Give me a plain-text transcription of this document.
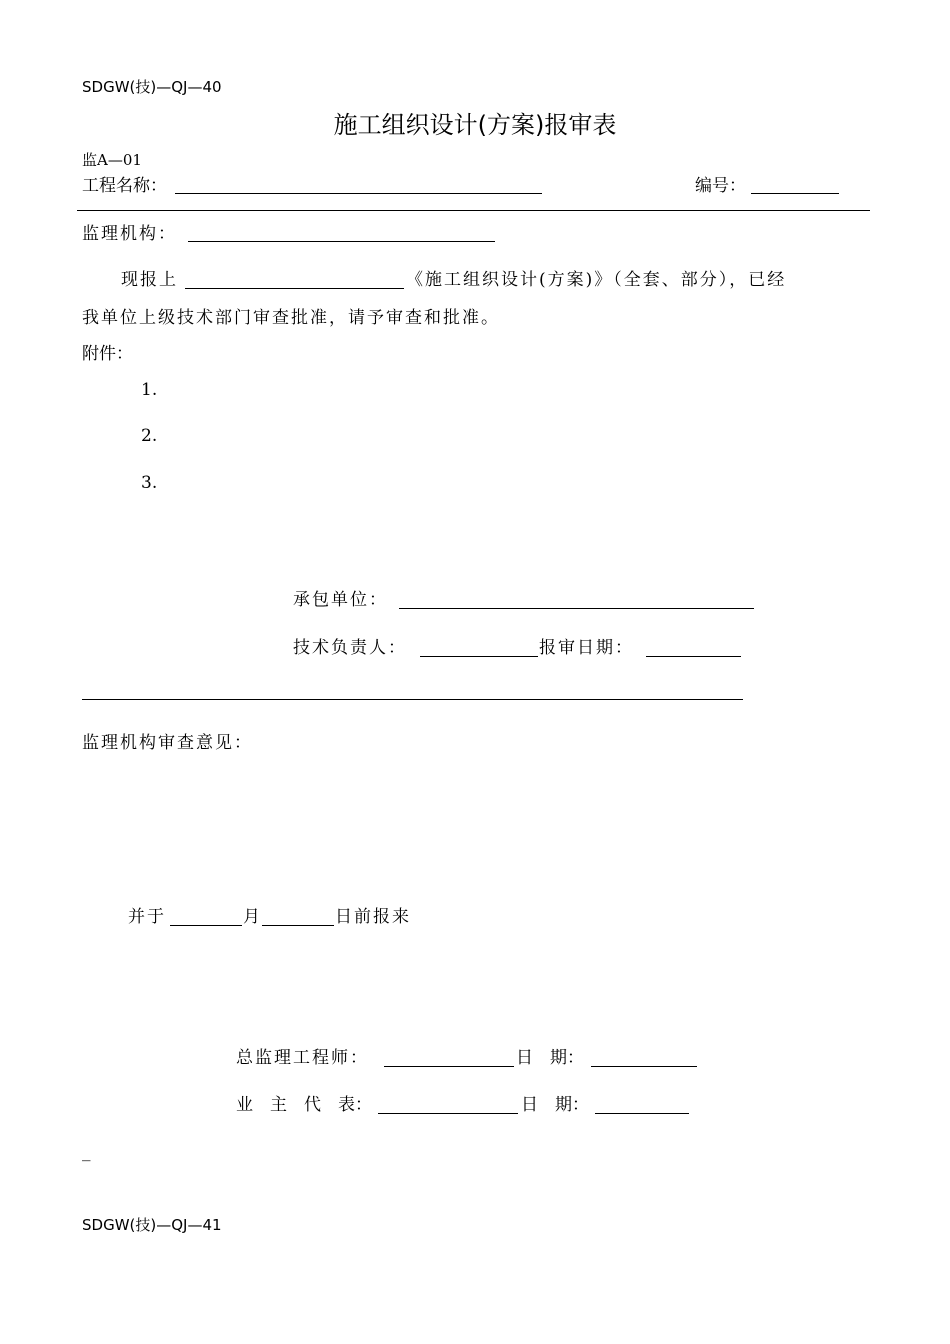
SDGW(技)—QJ—40
施工组织设计(方案)报审表
监A—01
工程名称：	编号：
监理机构：
现报上	《施工组织设计(方案)》（全套、部分），已经
我单位上级技术部门审查批准，请予审查和批准。
附件：
1.
2.
3.
承包单位：
技术负责人：	报审日期：
监理机构审查意见：
并于	月	日前报来
总监理工程师：	日　期：
业　主　代　表：	日　期：
_
SDGW(技)—QJ—41
